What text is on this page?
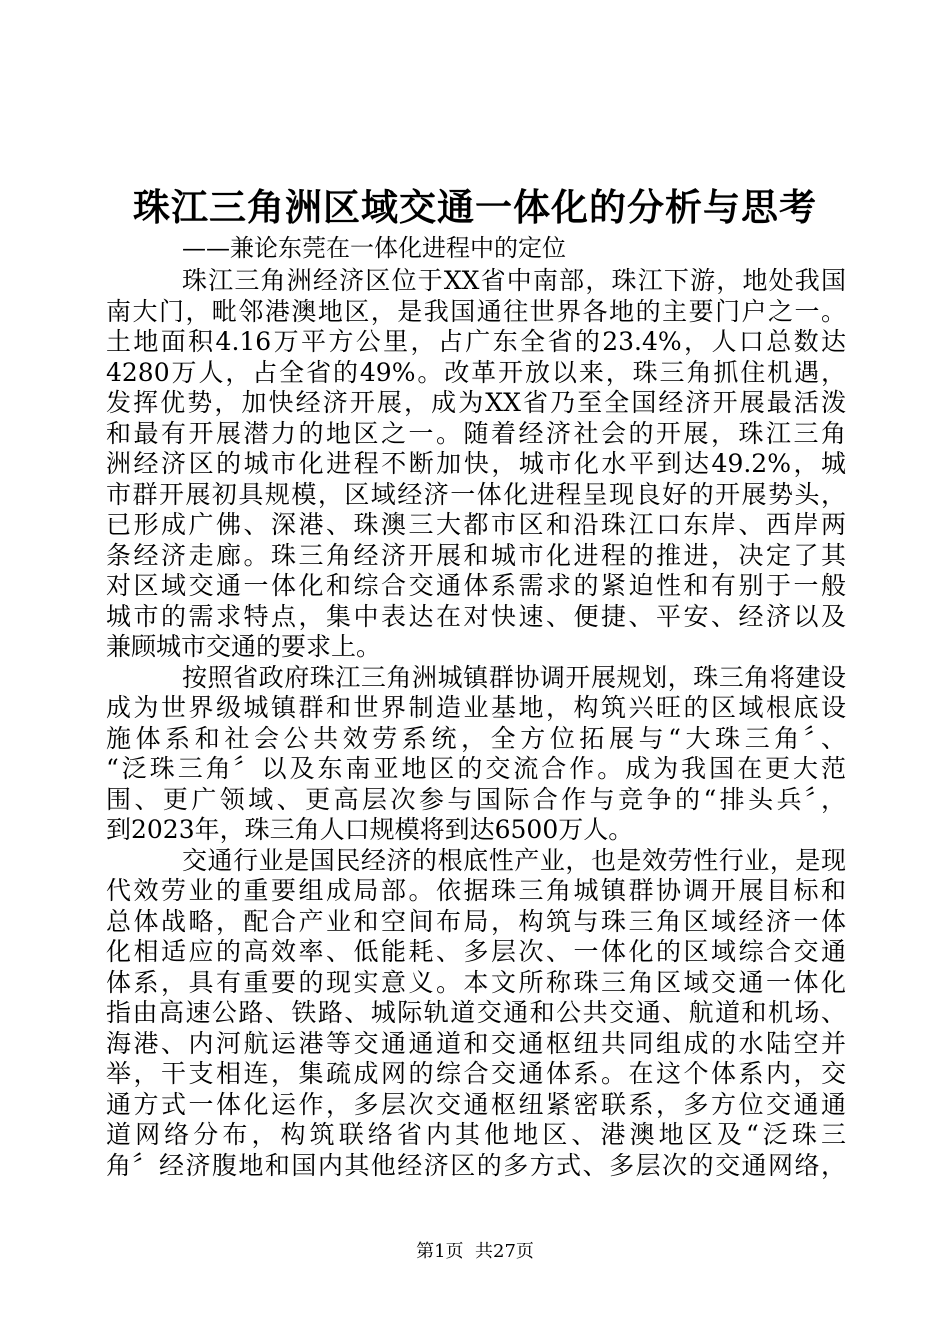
珠江三角洲区域交通一体化的分析与思考

——兼论东莞在一体化进程中的定位

珠江三角洲经济区位于XX省中南部，珠江下游，地处我国
南大门，毗邻港澳地区，是我国通往世界各地的主要门户之一。
土地面积4.16万平方公里，占广东全省的23.4%，人口总数达
4280万人，占全省的49%。改革开放以来，珠三角抓住机遇，
发挥优势，加快经济开展，成为XX省乃至全国经济开展最活泼
和最有开展潜力的地区之一。随着经济社会的开展，珠江三角
洲经济区的城市化进程不断加快，城市化水平到达49.2%，城
市群开展初具规模，区域经济一体化进程呈现良好的开展势头，
已形成广佛、深港、珠澳三大都市区和沿珠江口东岸、西岸两
条经济走廊。珠三角经济开展和城市化进程的推进，决定了其
对区域交通一体化和综合交通体系需求的紧迫性和有别于一般
城市的需求特点，集中表达在对快速、便捷、平安、经济以及
兼顾城市交通的要求上。
按照省政府珠江三角洲城镇群协调开展规划，珠三角将建设
成为世界级城镇群和世界制造业基地，构筑兴旺的区域根底设
施体系和社会公共效劳系统，全方位拓展与“大珠三角〞、
“泛珠三角〞以及东南亚地区的交流合作。成为我国在更大范
围、更广领域、更高层次参与国际合作与竞争的“排头兵〞，
到2023年，珠三角人口规模将到达6500万人。
交通行业是国民经济的根底性产业，也是效劳性行业，是现
代效劳业的重要组成局部。依据珠三角城镇群协调开展目标和
总体战略，配合产业和空间布局，构筑与珠三角区域经济一体
化相适应的高效率、低能耗、多层次、一体化的区域综合交通
体系，具有重要的现实意义。本文所称珠三角区域交通一体化
指由高速公路、铁路、城际轨道交通和公共交通、航道和机场、
海港、内河航运港等交通通道和交通枢纽共同组成的水陆空并
举，干支相连，集疏成网的综合交通体系。在这个体系内，交
通方式一体化运作，多层次交通枢纽紧密联系，多方位交通通
道网络分布，构筑联络省内其他地区、港澳地区及“泛珠三
角〞经济腹地和国内其他经济区的多方式、多层次的交通网络，
第1页  共27页
